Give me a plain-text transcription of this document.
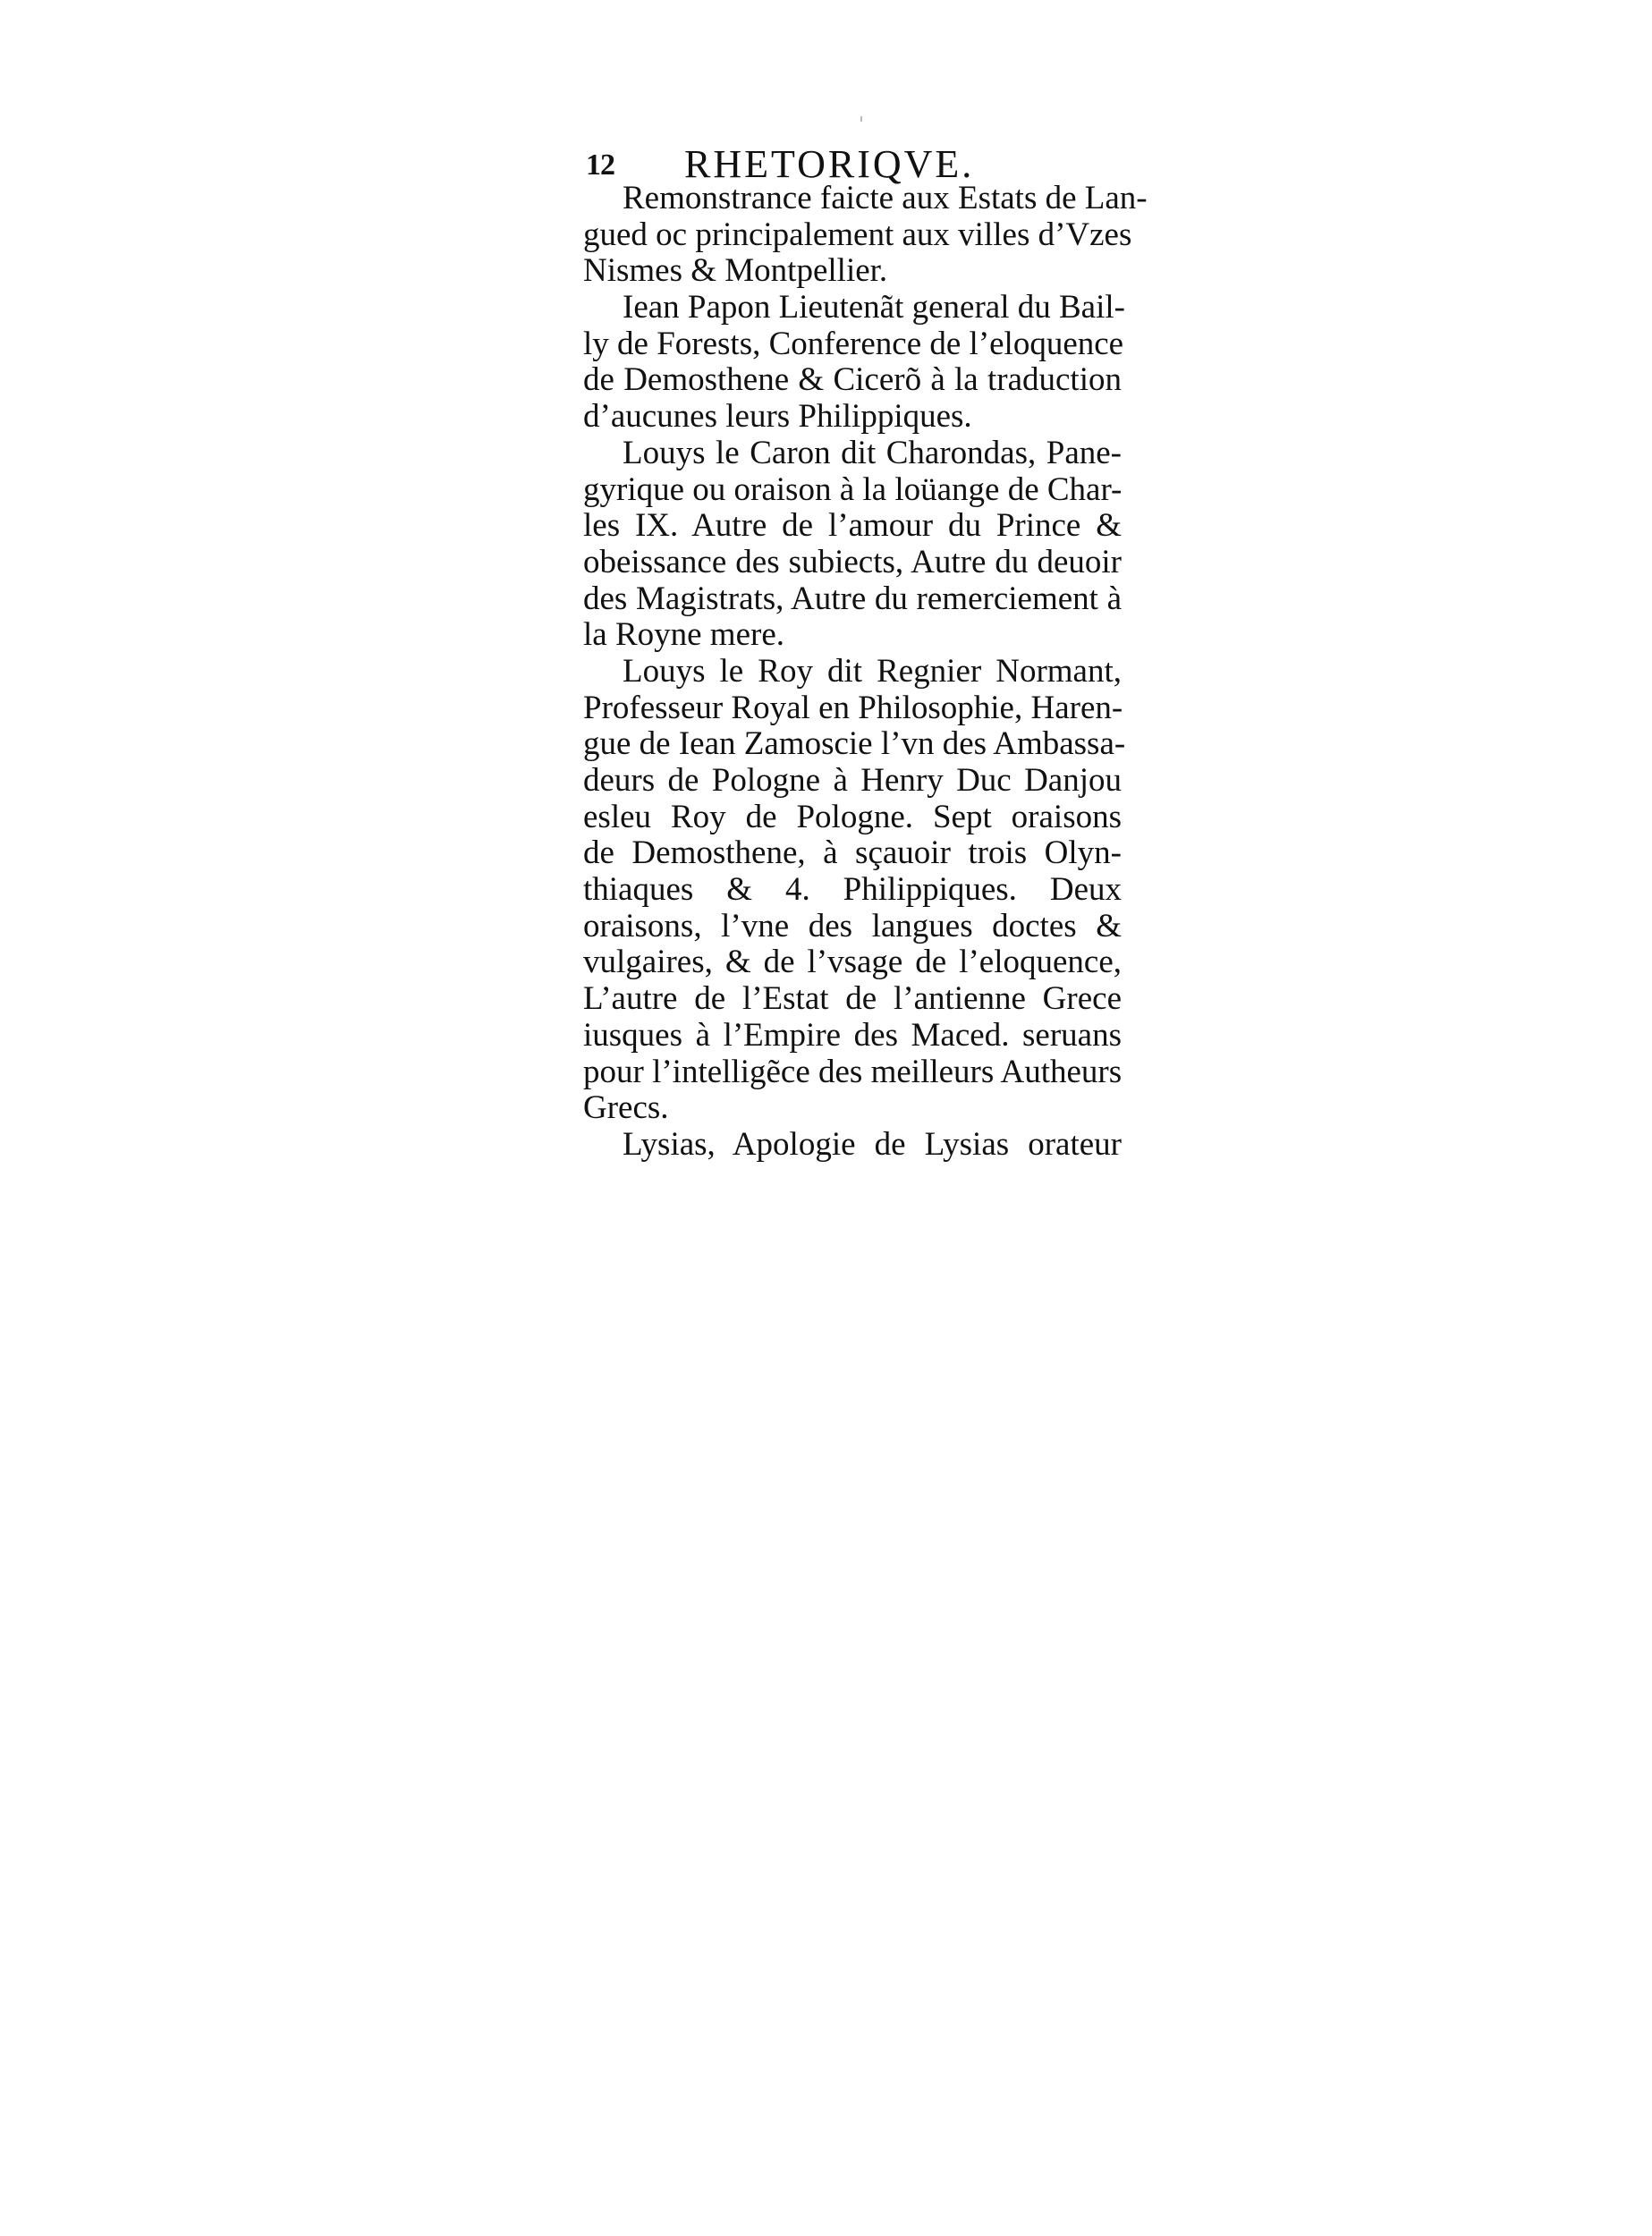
12 RHETORIQVE.
Remonstrance faicte aux Estats de Lan-
gued oc principalement aux villes d’Vzes
Nismes & Montpellier.
Iean Papon Lieutenãt general du Bail-
ly de Forests, Conference de l’eloquence
de Demosthene & Cicerõ à la traduction
d’aucunes leurs Philippiques.
Louys le Caron dit Charondas, Pane-
gyrique ou oraison à la loüange de Char-
les IX. Autre de l’amour du Prince &
obeissance des subiects, Autre du deuoir
des Magistrats, Autre du remerciement à
la Royne mere.
Louys le Roy dit Regnier Normant,
Professeur Royal en Philosophie, Haren-
gue de Iean Zamoscie l’vn des Ambassa-
deurs de Pologne à Henry Duc Danjou
esleu Roy de Pologne. Sept oraisons
de Demosthene, à sçauoir trois Olyn-
thiaques & 4. Philippiques. Deux
oraisons, l’vne des langues doctes &
vulgaires, & de l’vsage de l’eloquence,
L’autre de l’Estat de l’antienne Grece
iusques à l’Empire des Maced. seruans
pour l’intelligẽce des meilleurs Autheurs
Grecs.
Lysias, Apologie de Lysias orateur
